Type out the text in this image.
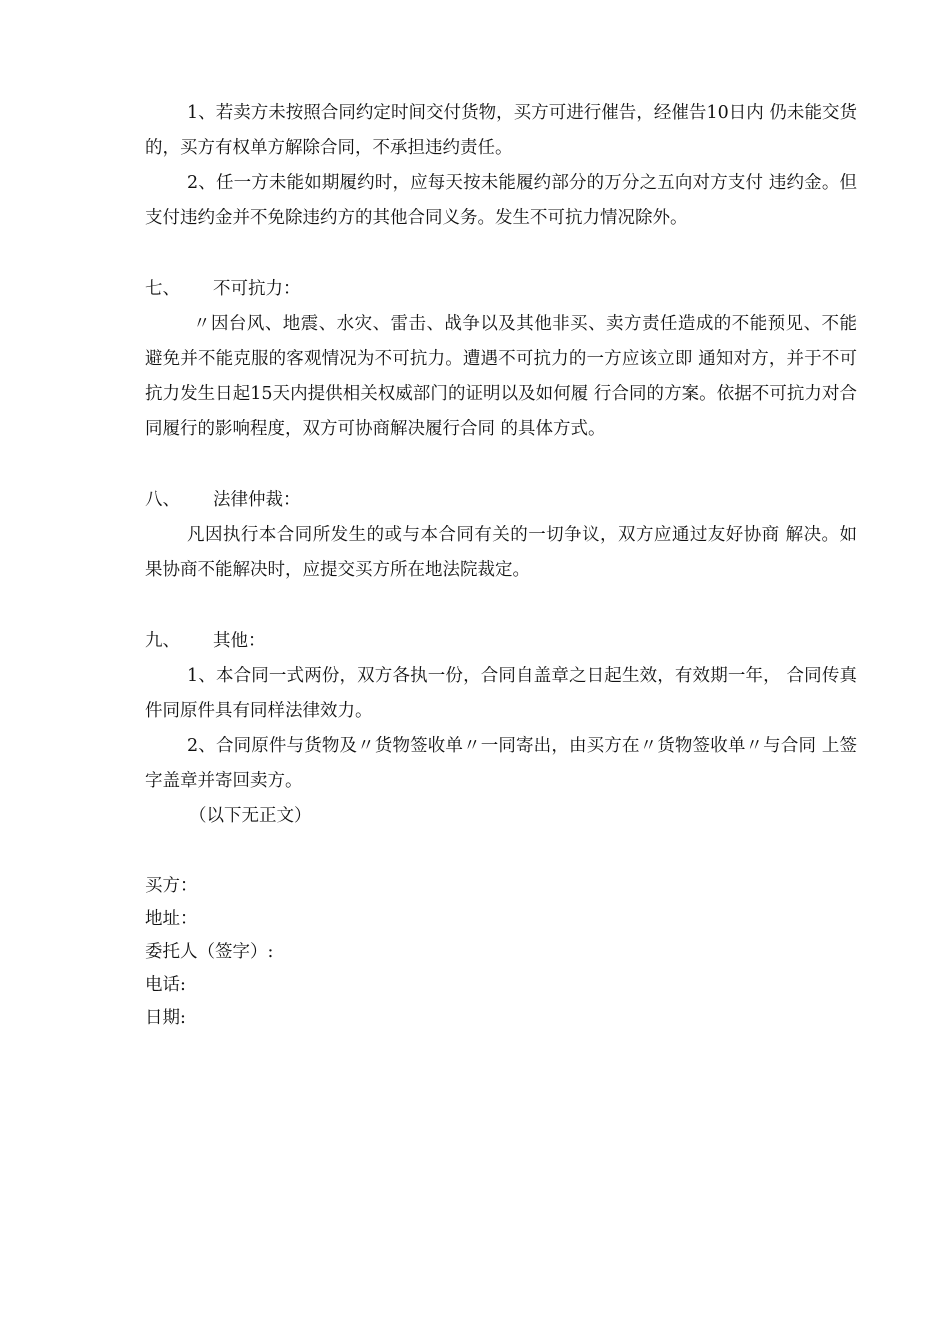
1、若卖方未按照合同约定时间交付货物，买方可进行催告，经催告10日内 仍未能交货的，买方有权单方解除合同，不承担违约责任。

2、任一方未能如期履约时，应每天按未能履约部分的万分之五向对方支付 违约金。但支付违约金并不免除违约方的其他合同义务。发生不可抗力情况除外。

七、 不可抗力：

〃因台风、地震、水灾、雷击、战争以及其他非买、卖方责任造成的不能预见、不能避免并不能克服的客观情况为不可抗力。遭遇不可抗力的一方应该立即 通知对方，并于不可抗力发生日起15天内提供相关权威部门的证明以及如何履 行合同的方案。依据不可抗力对合同履行的影响程度，双方可协商解决履行合同 的具体方式。

八、 法律仲裁：

凡因执行本合同所发生的或与本合同有关的一切争议，双方应通过友好协商 解决。如果协商不能解决时，应提交买方所在地法院裁定。

九、 其他：

1、本合同一式两份，双方各执一份，合同自盖章之日起生效，有效期一年， 合同传真件同原件具有同样法律效力。

2、合同原件与货物及〃货物签收单〃一同寄出，由买方在〃货物签收单〃与合同 上签字盖章并寄回卖方。

（以下无正文）

买方：

地址：

委托人（签字）:

电话:

日期:
